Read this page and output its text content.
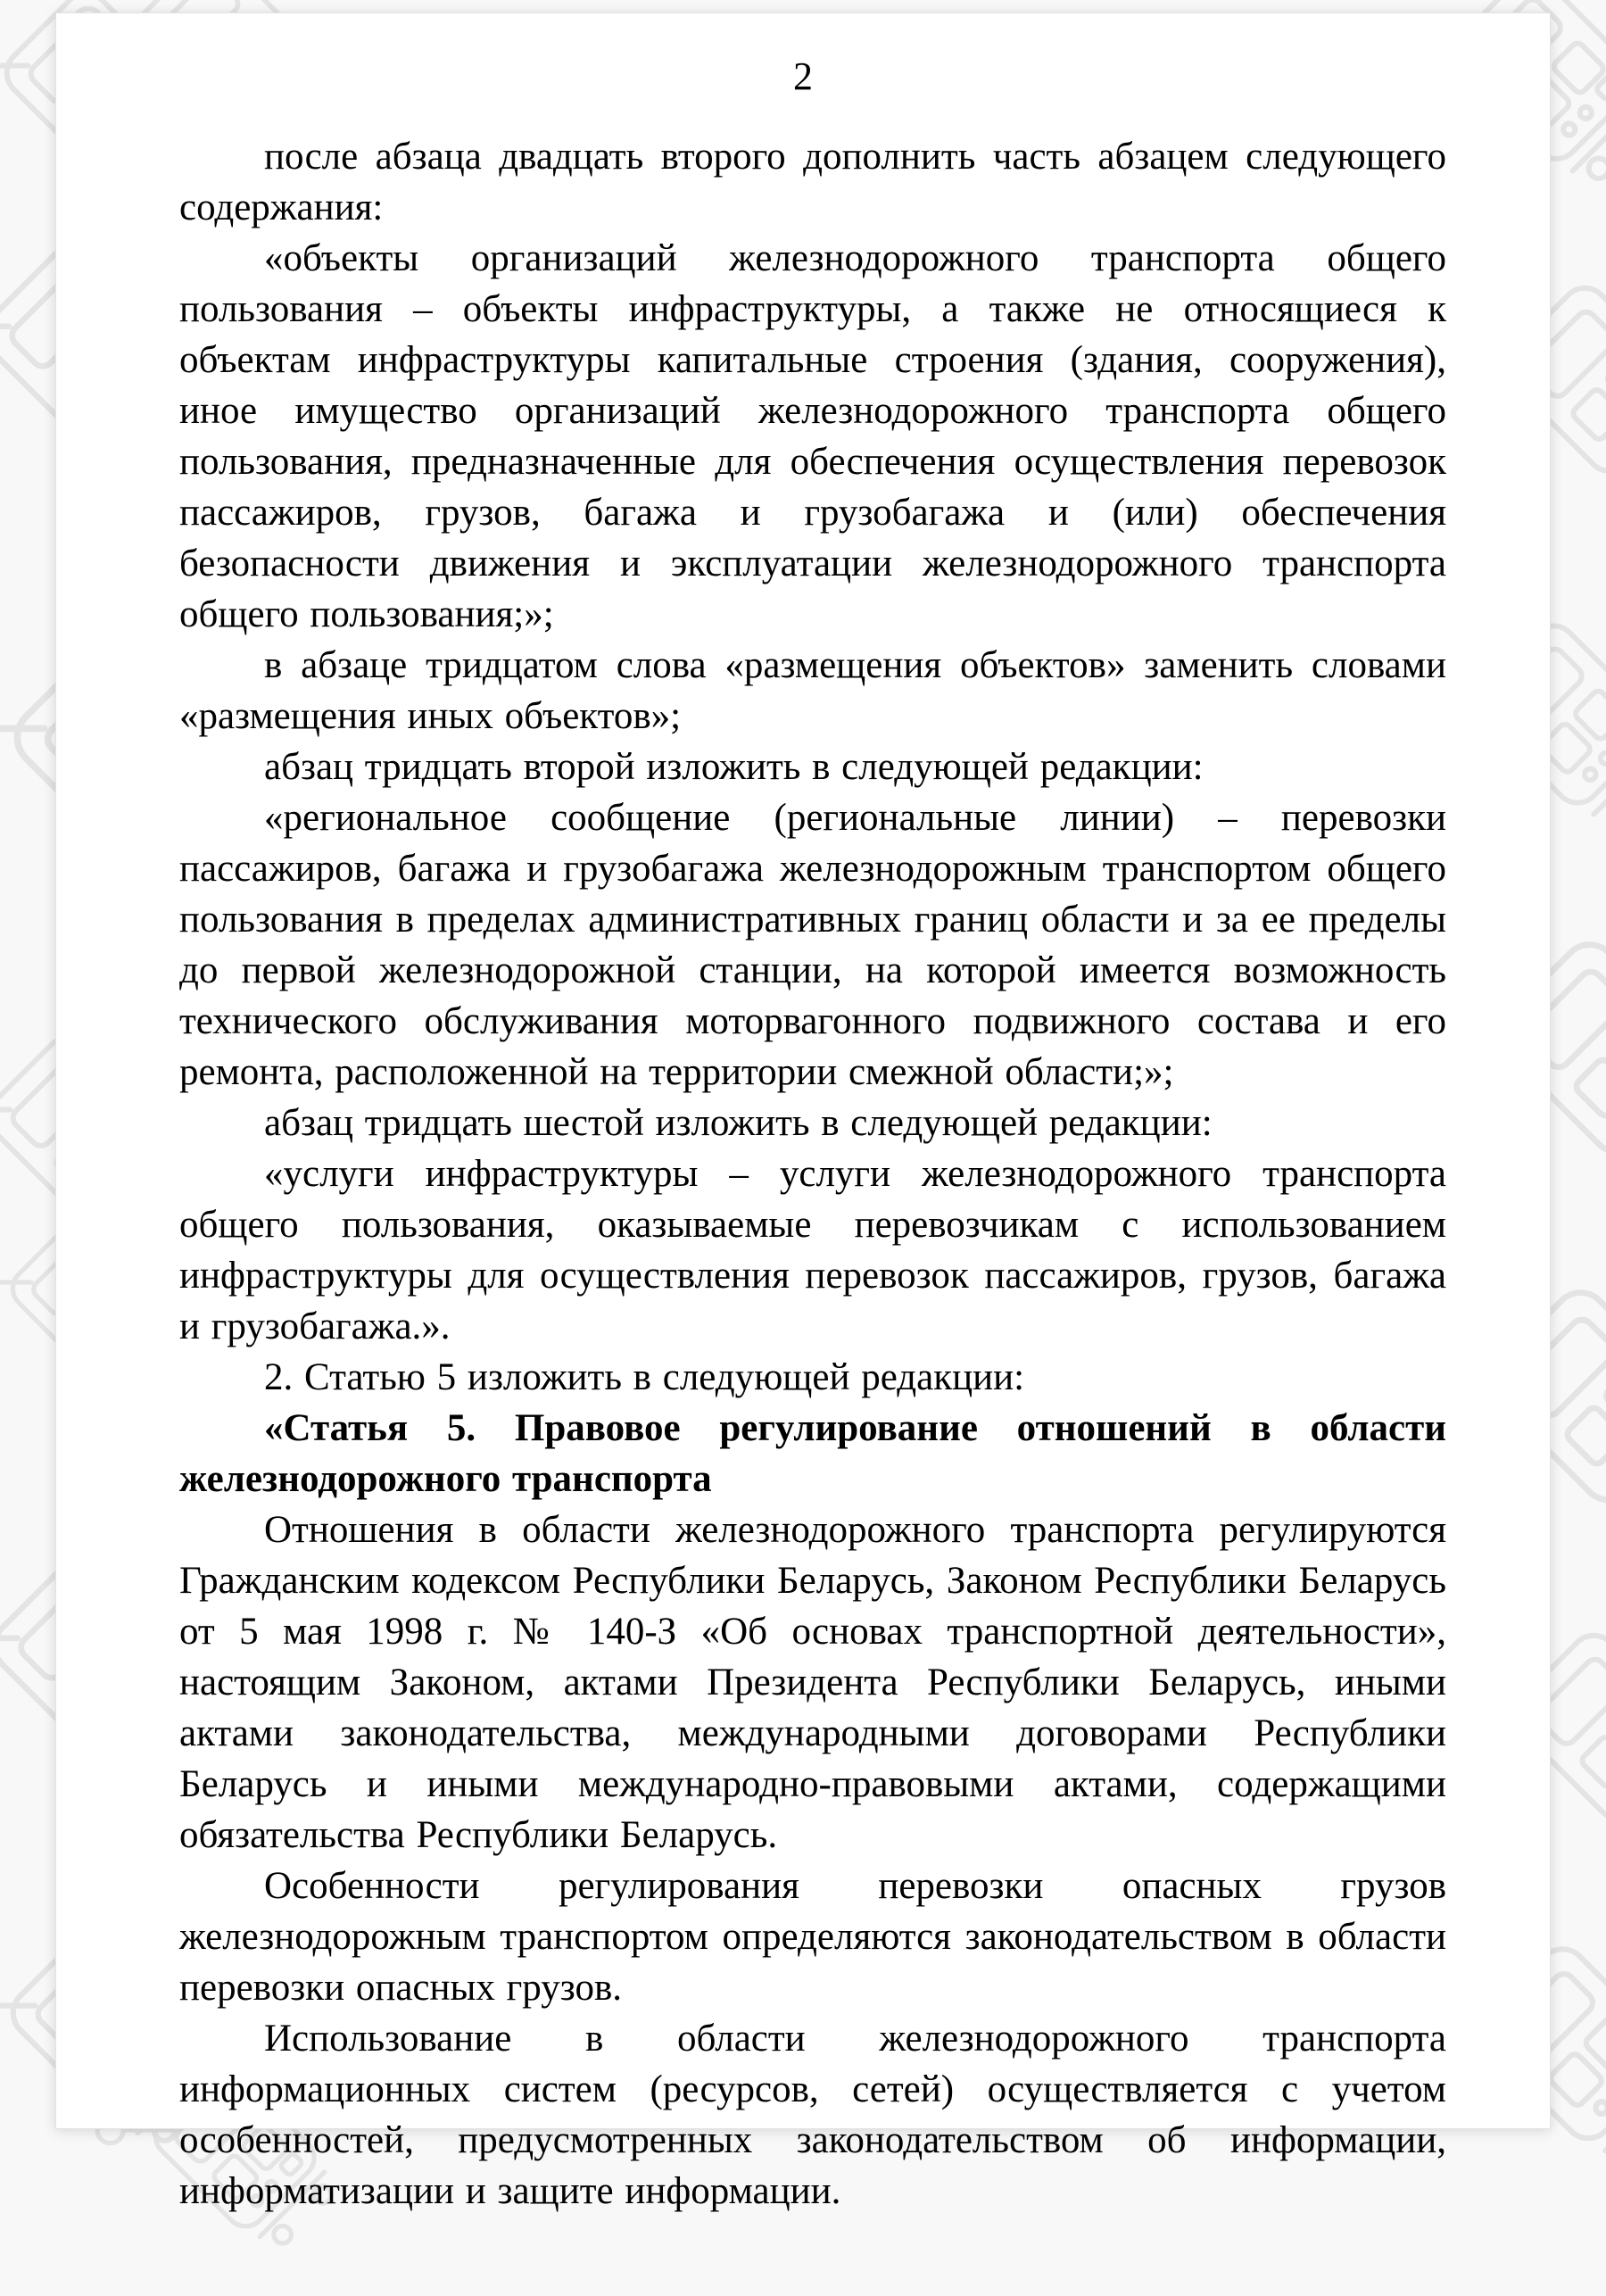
2

после абзаца двадцать второго дополнить часть абзацем следующего содержания:

«объекты организаций железнодорожного транспорта общего пользования – объекты инфраструктуры, а также не относящиеся к объектам инфраструктуры капитальные строения (здания, сооружения), иное имущество организаций железнодорожного транспорта общего пользования, предназначенные для обеспечения осуществления перевозок пассажиров, грузов, багажа и грузобагажа и (или) обеспечения безопасности движения и эксплуатации железнодорожного транспорта общего пользования;»;

в абзаце тридцатом слова «размещения объектов» заменить словами «размещения иных объектов»;

абзац тридцать второй изложить в следующей редакции:

«региональное сообщение (региональные линии) – перевозки пассажиров, багажа и грузобагажа железнодорожным транспортом общего пользования в пределах административных границ области и за ее пределы до первой железнодорожной станции, на которой имеется возможность технического обслуживания моторвагонного подвижного состава и его ремонта, расположенной на территории смежной области;»;

абзац тридцать шестой изложить в следующей редакции:

«услуги инфраструктуры – услуги железнодорожного транспорта общего пользования, оказываемые перевозчикам с использованием инфраструктуры для осуществления перевозок пассажиров, грузов, багажа и грузобагажа.».

2. Статью 5 изложить в следующей редакции:

«Статья 5. Правовое регулирование отношений в области железнодорожного транспорта

Отношения в области железнодорожного транспорта регулируются Гражданским кодексом Республики Беларусь, Законом Республики Беларусь от 5 мая 1998 г. № 140-З «Об основах транспортной деятельности», настоящим Законом, актами Президента Республики Беларусь, иными актами законодательства, международными договорами Республики Беларусь и иными международно-правовыми актами, содержащими обязательства Республики Беларусь.

Особенности регулирования перевозки опасных грузов железнодорожным транспортом определяются законодательством в области перевозки опасных грузов.

Использование в области железнодорожного транспорта информационных систем (ресурсов, сетей) осуществляется с учетом особенностей, предусмотренных законодательством об информации, информатизации и защите информации.
